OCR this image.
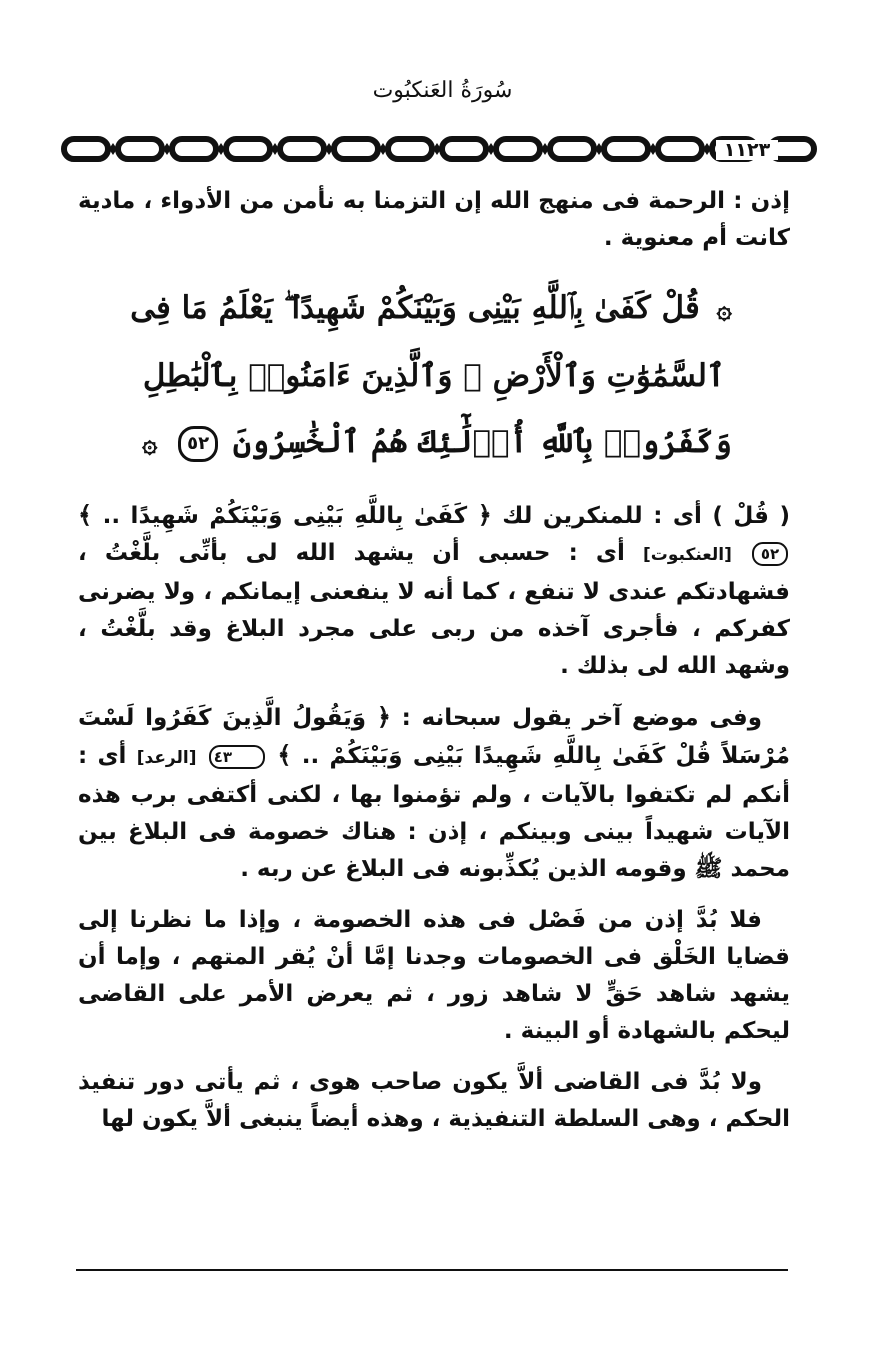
سُورَةُ العَنكبُوت
١١٢٣

إذن : الرحمة فى منهج الله إن التزمنا به نأمن من الأدواء ، مادية كانت أم معنوية .

۞ قُلْ كَفَىٰ بِٱللَّهِ بَيْنِى وَبَيْنَكُمْ شَهِيدًا ۖ يَعْلَمُ مَا فِى
ٱلسَّمَٰوَٰتِ وَٱلْأَرْضِ ۗ وَٱلَّذِينَ ءَامَنُوا۟ بِٱلْبَٰطِلِ
وَكَفَرُوا۟ بِٱللَّهِ أُو۟لَٰٓئِكَ هُمُ ٱلْخَٰسِرُونَ ٥٢ ۞

( قُلْ ) أى : للمنكرين لك ﴿ كَفَىٰ بِاللَّهِ بَيْنِى وَبَيْنَكُمْ شَهِيدًا .. ﴾ ٥٢ [العنكبوت] أى : حسبى أن يشهد الله لى بأنِّى بلَّغْتُ ، فشهادتكم عندى لا تنفع ، كما أنه لا ينفعنى إيمانكم ، ولا يضرنى كفركم ، فأجرى آخذه من ربى على مجرد البلاغ وقد بلَّغْتُ ، وشهد الله لى بذلك .

وفى موضع آخر يقول سبحانه : ﴿ وَيَقُولُ الَّذِينَ كَفَرُوا لَسْتَ مُرْسَلاً قُلْ كَفَىٰ بِاللَّهِ شَهِيدًا بَيْنِى وَبَيْنَكُمْ .. ﴾ ٤٣ [الرعد] أى : أنكم لم تكتفوا بالآيات ، ولم تؤمنوا بها ، لكنى أكتفى برب هذه الآيات شهيداً بينى وبينكم ، إذن : هناك خصومة فى البلاغ بين محمد ﷺ وقومه الذين يُكذِّبونه فى البلاغ عن ربه .

فلا بُدَّ إذن من فَصْل فى هذه الخصومة ، وإذا ما نظرنا إلى قضايا الخَلْق فى الخصومات وجدنا إمَّا أنْ يُقر المتهم ، وإما أن يشهد شاهد حَقٍّ لا شاهد زور ، ثم يعرض الأمر على القاضى ليحكم بالشهادة أو البينة .

ولا بُدَّ فى القاضى ألاَّ يكون صاحب هوى ، ثم يأتى دور تنفيذ الحكم ، وهى السلطة التنفيذية ، وهذه أيضاً ينبغى ألاَّ يكون لها
